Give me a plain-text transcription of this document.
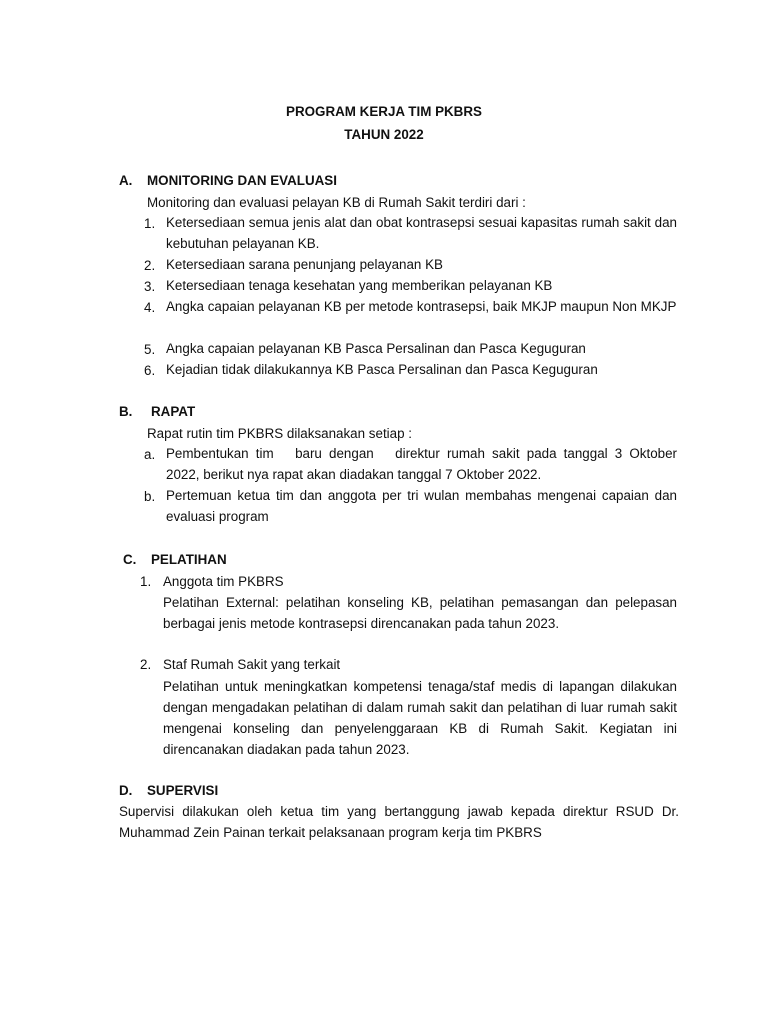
PROGRAM KERJA TIM PKBRS
TAHUN 2022
A. MONITORING DAN EVALUASI
Monitoring dan evaluasi pelayan KB di Rumah Sakit terdiri dari :
1. Ketersediaan semua jenis alat dan obat kontrasepsi sesuai kapasitas rumah sakit dan kebutuhan pelayanan KB.

2. Ketersediaan sarana penunjang pelayanan KB

3. Ketersediaan tenaga kesehatan yang memberikan pelayanan KB

4. Angka capaian pelayanan KB per metode kontrasepsi, baik MKJP maupun Non MKJP

5. Angka capaian pelayanan KB Pasca Persalinan dan Pasca Keguguran

6. Kejadian tidak dilakukannya KB Pasca Persalinan dan Pasca Keguguran

B. RAPAT
Rapat rutin tim PKBRS dilaksanakan setiap :
a. Pembentukan tim   baru dengan   direktur rumah sakit pada tanggal 3 Oktober        2022, berikut nya rapat akan diadakan tanggal 7 Oktober 2022.

b. Pertemuan ketua tim dan anggota per tri wulan membahas mengenai capaian dan evaluasi program

C. PELATIHAN
1. Anggota tim PKBRS

Pelatihan External: pelatihan konseling KB, pelatihan pemasangan dan pelepasan berbagai jenis metode kontrasepsi direncanakan pada tahun 2023.

2. Staf Rumah Sakit yang terkait

Pelatihan untuk meningkatkan kompetensi tenaga/staf medis di lapangan dilakukan dengan mengadakan pelatihan di dalam rumah sakit dan pelatihan di luar rumah sakit mengenai konseling dan penyelenggaraan KB di Rumah Sakit. Kegiatan ini direncanakan diadakan pada tahun 2023.

D. SUPERVISI

Supervisi dilakukan oleh ketua tim yang bertanggung jawab kepada direktur RSUD Dr. Muhammad Zein Painan terkait pelaksanaan program kerja tim PKBRS
